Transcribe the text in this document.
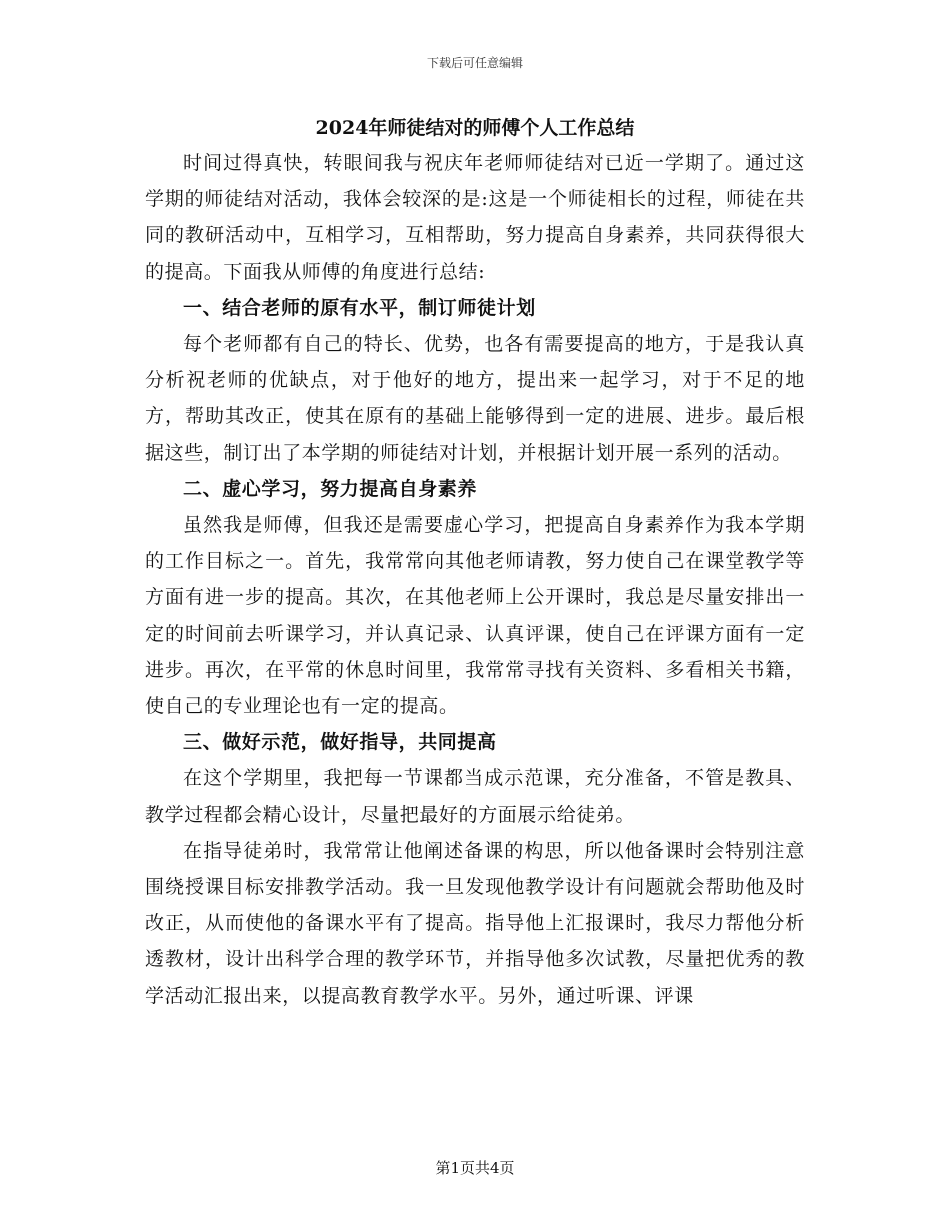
下载后可任意编辑
2024年师徒结对的师傅个人工作总结

时间过得真快，转眼间我与祝庆年老师师徒结对已近一学期了。通过这学期的师徒结对活动，我体会较深的是:这是一个师徒相长的过程，师徒在共同的教研活动中，互相学习，互相帮助，努力提高自身素养，共同获得很大的提高。下面我从师傅的角度进行总结:

一、结合老师的原有水平，制订师徒计划

每个老师都有自己的特长、优势，也各有需要提高的地方，于是我认真分析祝老师的优缺点，对于他好的地方，提出来一起学习，对于不足的地方，帮助其改正，使其在原有的基础上能够得到一定的进展、进步。最后根据这些，制订出了本学期的师徒结对计划，并根据计划开展一系列的活动。

二、虚心学习，努力提高自身素养

虽然我是师傅，但我还是需要虚心学习，把提高自身素养作为我本学期的工作目标之一。首先，我常常向其他老师请教，努力使自己在课堂教学等方面有进一步的提高。其次，在其他老师上公开课时，我总是尽量安排出一定的时间前去听课学习，并认真记录、认真评课，使自己在评课方面有一定进步。再次，在平常的休息时间里，我常常寻找有关资料、多看相关书籍，使自己的专业理论也有一定的提高。

三、做好示范，做好指导，共同提高

在这个学期里，我把每一节课都当成示范课，充分准备，不管是教具、教学过程都会精心设计，尽量把最好的方面展示给徒弟。

在指导徒弟时，我常常让他阐述备课的构思，所以他备课时会特别注意围绕授课目标安排教学活动。我一旦发现他教学设计有问题就会帮助他及时改正，从而使他的备课水平有了提高。指导他上汇报课时，我尽力帮他分析透教材，设计出科学合理的教学环节，并指导他多次试教，尽量把优秀的教学活动汇报出来，以提高教育教学水平。另外，通过听课、评课

第1页共4页
